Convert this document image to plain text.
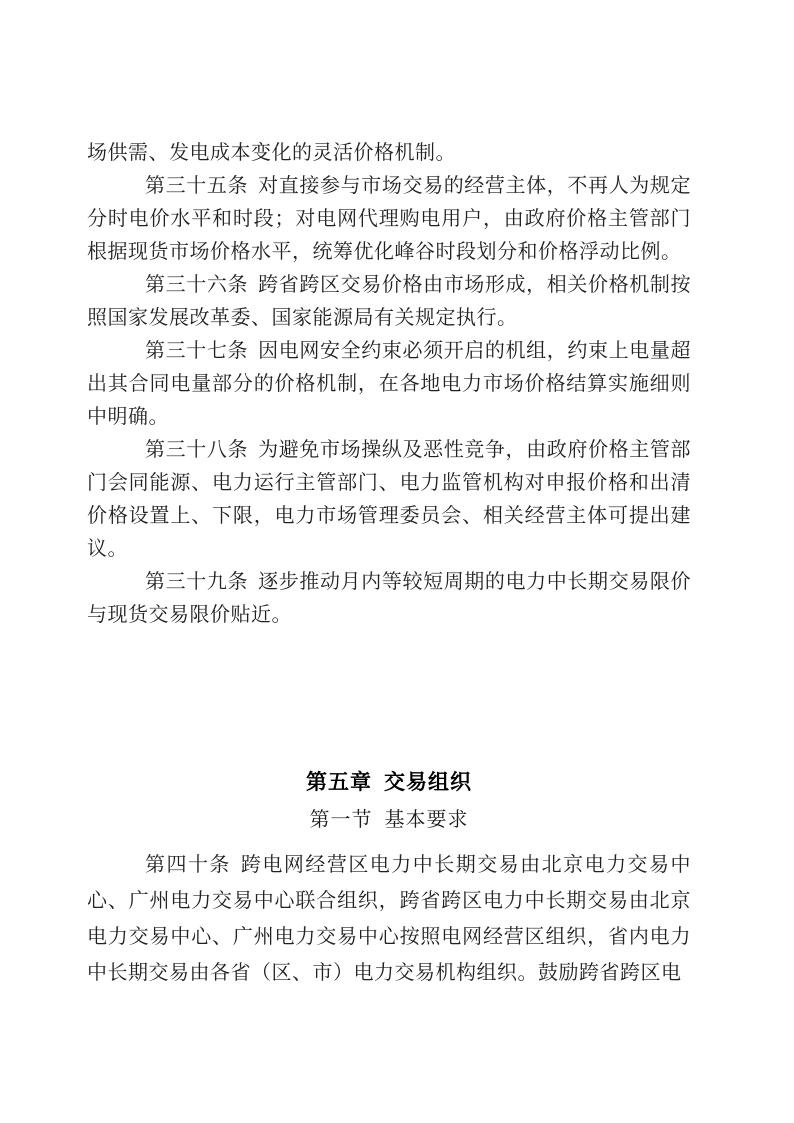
场供需、发电成本变化的灵活价格机制。

第三十五条 对直接参与市场交易的经营主体，不再人为规定分时电价水平和时段；对电网代理购电用户，由政府价格主管部门根据现货市场价格水平，统筹优化峰谷时段划分和价格浮动比例。

第三十六条 跨省跨区交易价格由市场形成，相关价格机制按照国家发展改革委、国家能源局有关规定执行。

第三十七条 因电网安全约束必须开启的机组，约束上电量超出其合同电量部分的价格机制，在各地电力市场价格结算实施细则中明确。

第三十八条 为避免市场操纵及恶性竞争，由政府价格主管部门会同能源、电力运行主管部门、电力监管机构对申报价格和出清价格设置上、下限，电力市场管理委员会、相关经营主体可提出建议。

第三十九条 逐步推动月内等较短周期的电力中长期交易限价与现货交易限价贴近。

第五章 交易组织
第一节 基本要求

第四十条 跨电网经营区电力中长期交易由北京电力交易中心、广州电力交易中心联合组织，跨省跨区电力中长期交易由北京电力交易中心、广州电力交易中心按照电网经营区组织，省内电力中长期交易由各省（区、市）电力交易机构组织。鼓励跨省跨区电
